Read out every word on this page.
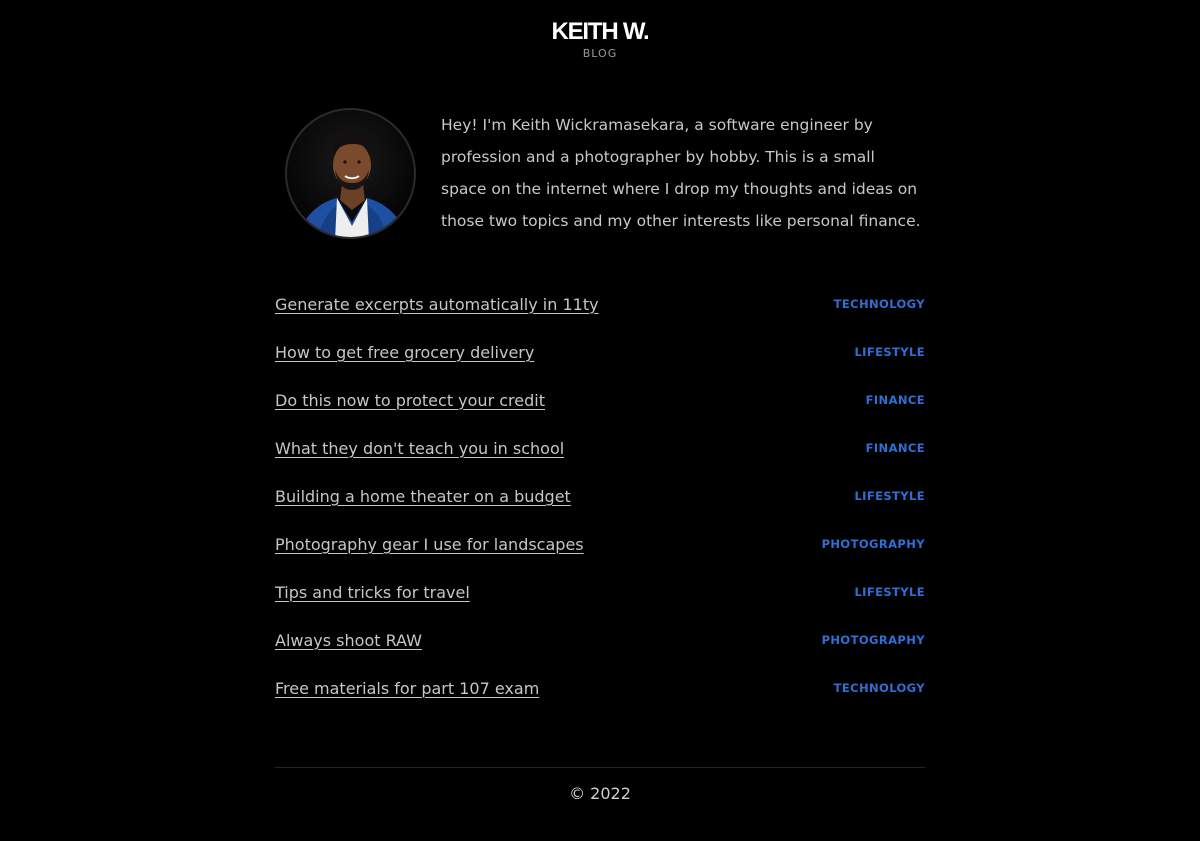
KEITH W.
BLOG

Hey! I'm Keith Wickramasekara, a software engineer by profession and a photographer by hobby. This is a small space on the internet where I drop my thoughts and ideas on those two topics and my other interests like personal finance.

Generate excerpts automatically in 11ty	TECHNOLOGY
How to get free grocery delivery	LIFESTYLE
Do this now to protect your credit	FINANCE
What they don't teach you in school	FINANCE
Building a home theater on a budget	LIFESTYLE
Photography gear I use for landscapes	PHOTOGRAPHY
Tips and tricks for travel	LIFESTYLE
Always shoot RAW	PHOTOGRAPHY
Free materials for part 107 exam	TECHNOLOGY
© 2022
